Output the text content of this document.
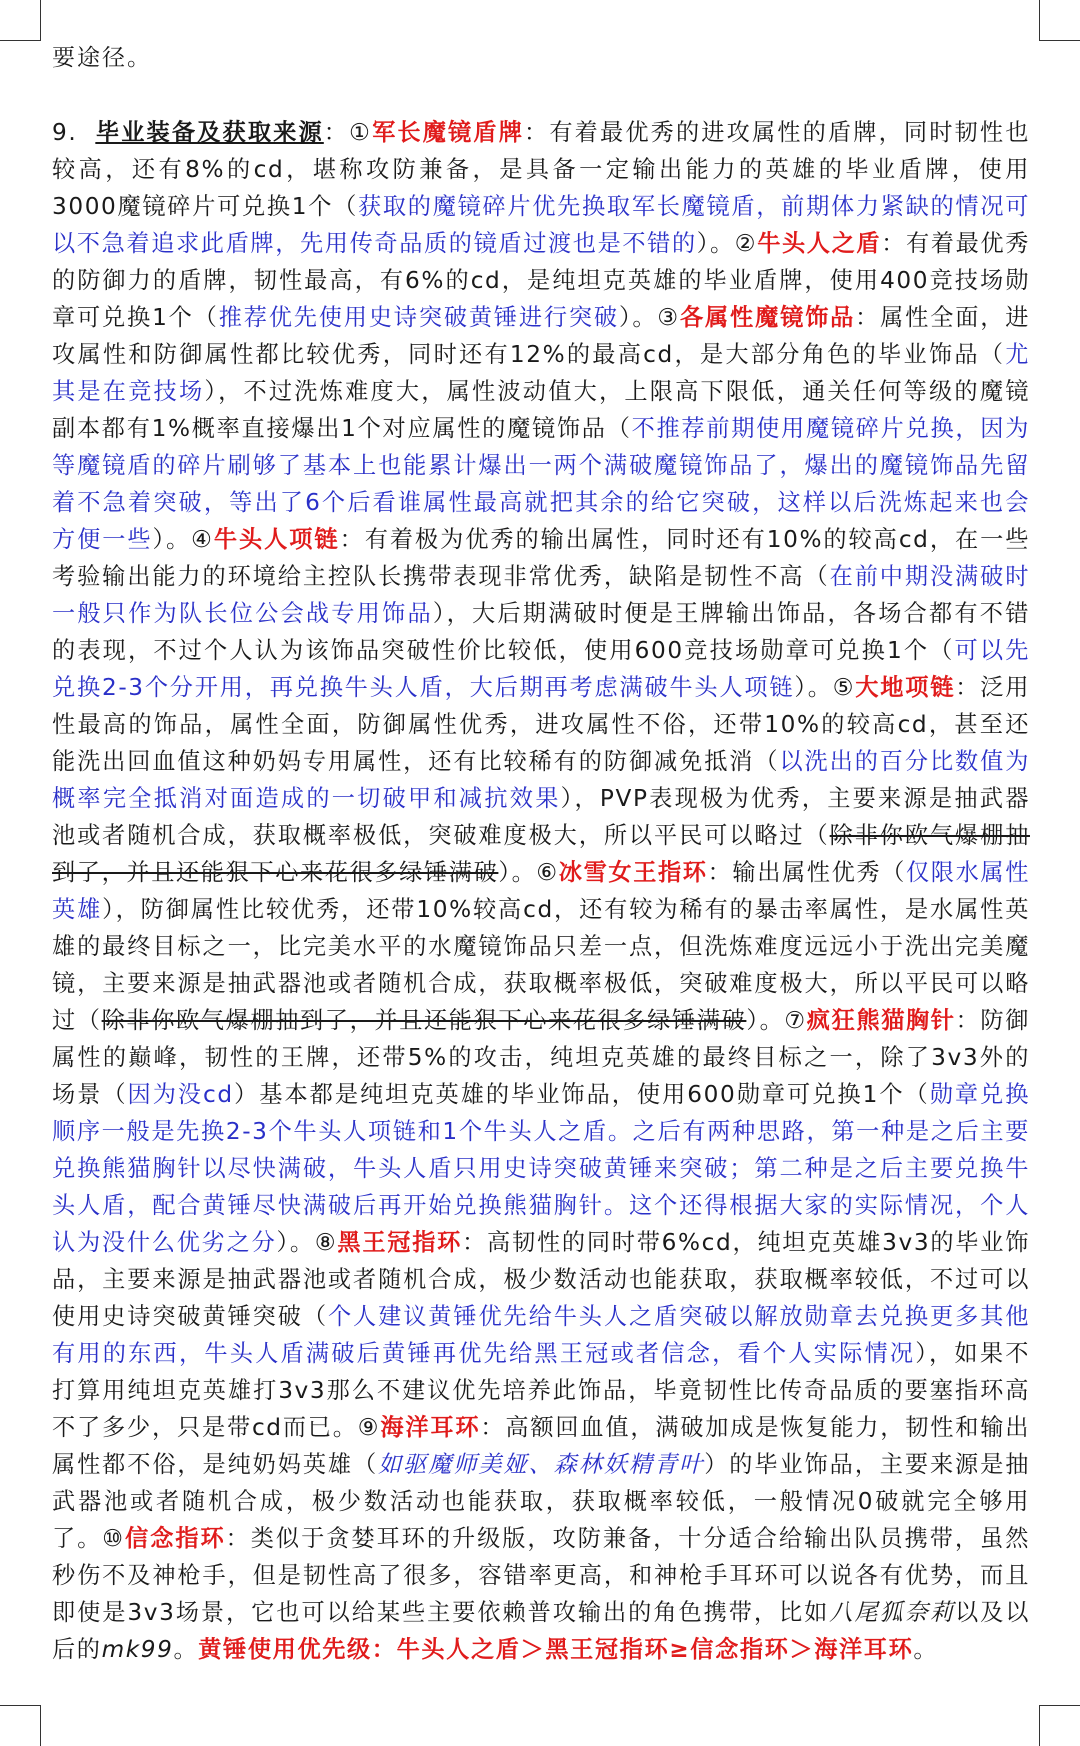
要途径。

9. 毕业装备及获取来源：①军长魔镜盾牌：有着最优秀的进攻属性的盾牌，同时韧性也较高，还有8%的cd，堪称攻防兼备，是具备一定输出能力的英雄的毕业盾牌，使用3000魔镜碎片可兑换1个（获取的魔镜碎片优先换取军长魔镜盾，前期体力紧缺的情况可以不急着追求此盾牌，先用传奇品质的镜盾过渡也是不错的）。②牛头人之盾：有着最优秀的防御力的盾牌，韧性最高，有6%的cd，是纯坦克英雄的毕业盾牌，使用400竞技场勋章可兑换1个（推荐优先使用史诗突破黄锤进行突破）。③各属性魔镜饰品：属性全面，进攻属性和防御属性都比较优秀，同时还有12%的最高cd，是大部分角色的毕业饰品（尤其是在竞技场），不过洗炼难度大，属性波动值大，上限高下限低，通关任何等级的魔镜副本都有1%概率直接爆出1个对应属性的魔镜饰品（不推荐前期使用魔镜碎片兑换，因为等魔镜盾的碎片刷够了基本上也能累计爆出一两个满破魔镜饰品了，爆出的魔镜饰品先留着不急着突破，等出了6个后看谁属性最高就把其余的给它突破，这样以后洗炼起来也会方便一些）。④牛头人项链：有着极为优秀的输出属性，同时还有10%的较高cd，在一些考验输出能力的环境给主控队长携带表现非常优秀，缺陷是韧性不高（在前中期没满破时一般只作为队长位公会战专用饰品），大后期满破时便是王牌输出饰品，各场合都有不错的表现，不过个人认为该饰品突破性价比较低，使用600竞技场勋章可兑换1个（可以先兑换2-3个分开用，再兑换牛头人盾，大后期再考虑满破牛头人项链）。⑤大地项链：泛用性最高的饰品，属性全面，防御属性优秀，进攻属性不俗，还带10%的较高cd，甚至还能洗出回血值这种奶妈专用属性，还有比较稀有的防御减免抵消（以洗出的百分比数值为概率完全抵消对面造成的一切破甲和减抗效果），PVP表现极为优秀，主要来源是抽武器池或者随机合成，获取概率极低，突破难度极大，所以平民可以略过（除非你欧气爆棚抽到了，并且还能狠下心来花很多绿锤满破）。⑥冰雪女王指环：输出属性优秀（仅限水属性英雄），防御属性比较优秀，还带10%较高cd，还有较为稀有的暴击率属性，是水属性英雄的最终目标之一，比完美水平的水魔镜饰品只差一点，但洗炼难度远远小于洗出完美魔镜，主要来源是抽武器池或者随机合成，获取概率极低，突破难度极大，所以平民可以略过（除非你欧气爆棚抽到了，并且还能狠下心来花很多绿锤满破）。⑦疯狂熊猫胸针：防御属性的巅峰，韧性的王牌，还带5%的攻击，纯坦克英雄的最终目标之一，除了3v3外的场景（因为没cd）基本都是纯坦克英雄的毕业饰品，使用600勋章可兑换1个（勋章兑换顺序一般是先换2-3个牛头人项链和1个牛头人之盾。之后有两种思路，第一种是之后主要兑换熊猫胸针以尽快满破，牛头人盾只用史诗突破黄锤来突破；第二种是之后主要兑换牛头人盾，配合黄锤尽快满破后再开始兑换熊猫胸针。这个还得根据大家的实际情况，个人认为没什么优劣之分）。⑧黑王冠指环：高韧性的同时带6%cd，纯坦克英雄3v3的毕业饰品，主要来源是抽武器池或者随机合成，极少数活动也能获取，获取概率较低，不过可以使用史诗突破黄锤突破（个人建议黄锤优先给牛头人之盾突破以解放勋章去兑换更多其他有用的东西，牛头人盾满破后黄锤再优先给黑王冠或者信念，看个人实际情况），如果不打算用纯坦克英雄打3v3那么不建议优先培养此饰品，毕竟韧性比传奇品质的要塞指环高不了多少，只是带cd而已。⑨海洋耳环：高额回血值，满破加成是恢复能力，韧性和输出属性都不俗，是纯奶妈英雄（如驱魔师美娅、森林妖精青叶）的毕业饰品，主要来源是抽武器池或者随机合成，极少数活动也能获取，获取概率较低，一般情况0破就完全够用了。⑩信念指环：类似于贪婪耳环的升级版，攻防兼备，十分适合给输出队员携带，虽然秒伤不及神枪手，但是韧性高了很多，容错率更高，和神枪手耳环可以说各有优势，而且即使是3v3场景，它也可以给某些主要依赖普攻输出的角色携带，比如八尾狐奈莉以及以后的mk99。黄锤使用优先级：牛头人之盾＞黑王冠指环≥信念指环＞海洋耳环。
